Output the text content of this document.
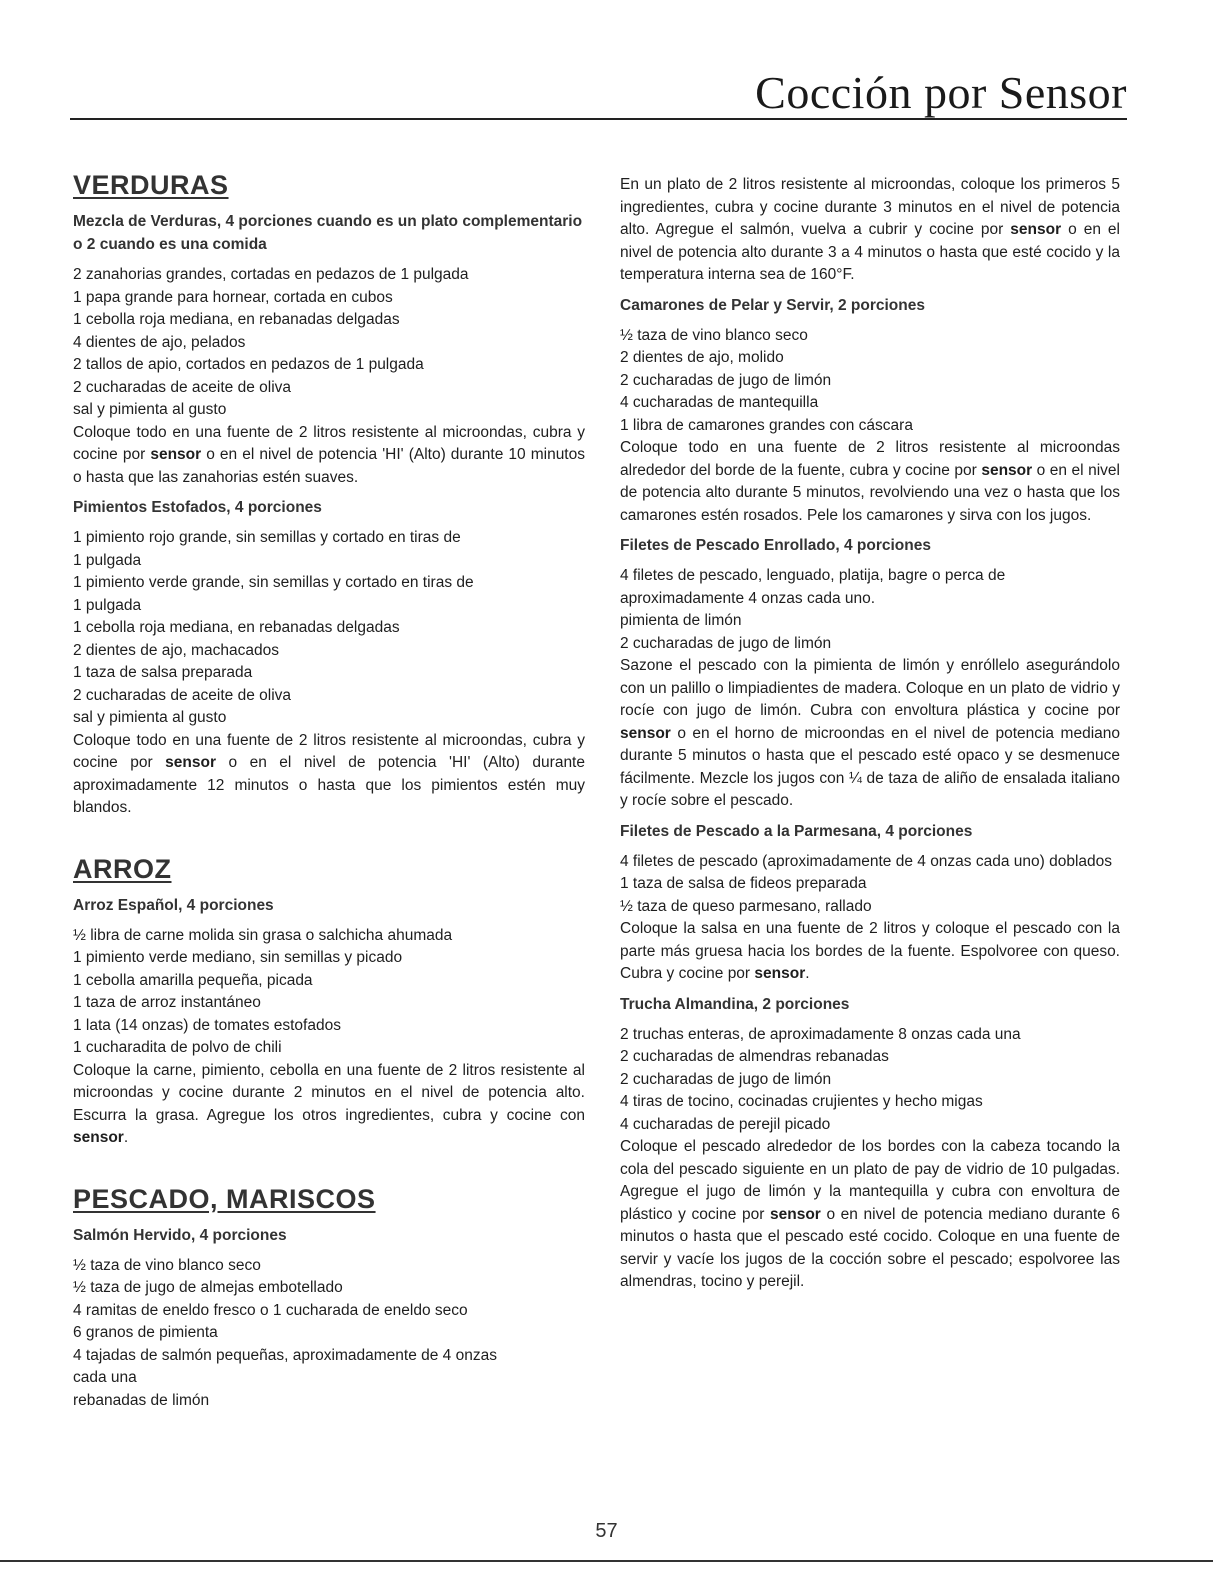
Cocción por Sensor
VERDURAS
Mezcla de Verduras, 4 porciones cuando es un plato complementario o 2 cuando es una comida
2 zanahorias grandes, cortadas en pedazos de 1 pulgada
1 papa grande para hornear, cortada en cubos
1 cebolla roja mediana, en rebanadas delgadas
4 dientes de ajo, pelados
2 tallos de apio, cortados en pedazos de 1 pulgada
2 cucharadas de aceite de oliva
sal y pimienta al gusto

Coloque todo en una fuente de 2 litros resistente al microondas, cubra y cocine por sensor o en el nivel de potencia 'HI' (Alto) durante 10 minutos o hasta que las zanahorias estén suaves.

Pimientos Estofados, 4 porciones
1 pimiento rojo grande, sin semillas y cortado en tiras de
1 pulgada
1 pimiento verde grande, sin semillas y cortado en tiras de
1 pulgada
1 cebolla roja mediana, en rebanadas delgadas
2 dientes de ajo, machacados
1 taza de salsa preparada
2 cucharadas de aceite de oliva
sal y pimienta al gusto

Coloque todo en una fuente de 2 litros resistente al microondas, cubra y cocine por sensor o en el nivel de potencia 'HI' (Alto) durante aproximadamente 12 minutos o hasta que los pimientos estén muy blandos.

ARROZ
Arroz Español, 4 porciones
½ libra de carne molida sin grasa o salchicha ahumada
1 pimiento verde mediano, sin semillas y picado
1 cebolla amarilla pequeña, picada
1 taza de arroz instantáneo
1 lata (14 onzas) de tomates estofados
1 cucharadita de polvo de chili

Coloque la carne, pimiento, cebolla en una fuente de 2 litros resistente al microondas y cocine durante 2 minutos en el nivel de potencia alto. Escurra la grasa. Agregue los otros ingredientes, cubra y cocine con sensor.

PESCADO, MARISCOS
Salmón Hervido, 4 porciones
½ taza de vino blanco seco
½ taza de jugo de almejas embotellado
4 ramitas de eneldo fresco o 1 cucharada de eneldo seco
6 granos de pimienta
4 tajadas de salmón pequeñas, aproximadamente de 4 onzas
cada una
rebanadas de limón

En un plato de 2 litros resistente al microondas, coloque los primeros 5 ingredientes, cubra y cocine durante 3 minutos en el nivel de potencia alto. Agregue el salmón, vuelva a cubrir y cocine por sensor o en el nivel de potencia alto durante 3 a 4 minutos o hasta que esté cocido y la temperatura interna sea de 160°F.

Camarones de Pelar y Servir, 2 porciones
½ taza de vino blanco seco
2 dientes de ajo, molido
2 cucharadas de jugo de limón
4 cucharadas de mantequilla
1 libra de camarones grandes con cáscara

Coloque todo en una fuente de 2 litros resistente al microondas alrededor del borde de la fuente, cubra y cocine por sensor o en el nivel de potencia alto durante 5 minutos, revolviendo una vez o hasta que los camarones estén rosados. Pele los camarones y sirva con los jugos.

Filetes de Pescado Enrollado, 4 porciones
4 filetes de pescado, lenguado, platija, bagre o perca de aproximadamente 4 onzas cada uno.
pimienta de limón
2 cucharadas de jugo de limón

Sazone el pescado con la pimienta de limón y enróllelo asegurándolo con un palillo o limpiadientes de madera. Coloque en un plato de vidrio y rocíe con jugo de limón. Cubra con envoltura plástica y cocine por sensor o en el horno de microondas en el nivel de potencia mediano durante 5 minutos o hasta que el pescado esté opaco y se desmenuce fácilmente. Mezcle los jugos con ¼ de taza de aliño de ensalada italiano y rocíe sobre el pescado.

Filetes de Pescado a la Parmesana, 4 porciones
4 filetes de pescado (aproximadamente de 4 onzas cada uno) doblados
1 taza de salsa de fideos preparada
½ taza de queso parmesano, rallado

Coloque la salsa en una fuente de 2 litros y coloque el pescado con la parte más gruesa hacia los bordes de la fuente. Espolvoree con queso. Cubra y cocine por sensor.

Trucha Almandina, 2 porciones
2 truchas enteras, de aproximadamente 8 onzas cada una
2 cucharadas de almendras rebanadas
2 cucharadas de jugo de limón
4 tiras de tocino, cocinadas crujientes y hecho migas
4 cucharadas de perejil picado

Coloque el pescado alrededor de los bordes con la cabeza tocando la cola del pescado siguiente en un plato de pay de vidrio de 10 pulgadas. Agregue el jugo de limón y la mantequilla y cubra con envoltura de plástico y cocine por sensor o en nivel de potencia mediano durante 6 minutos o hasta que el pescado esté cocido. Coloque en una fuente de servir y vacíe los jugos de la cocción sobre el pescado; espolvoree las almendras, tocino y perejil.

57
